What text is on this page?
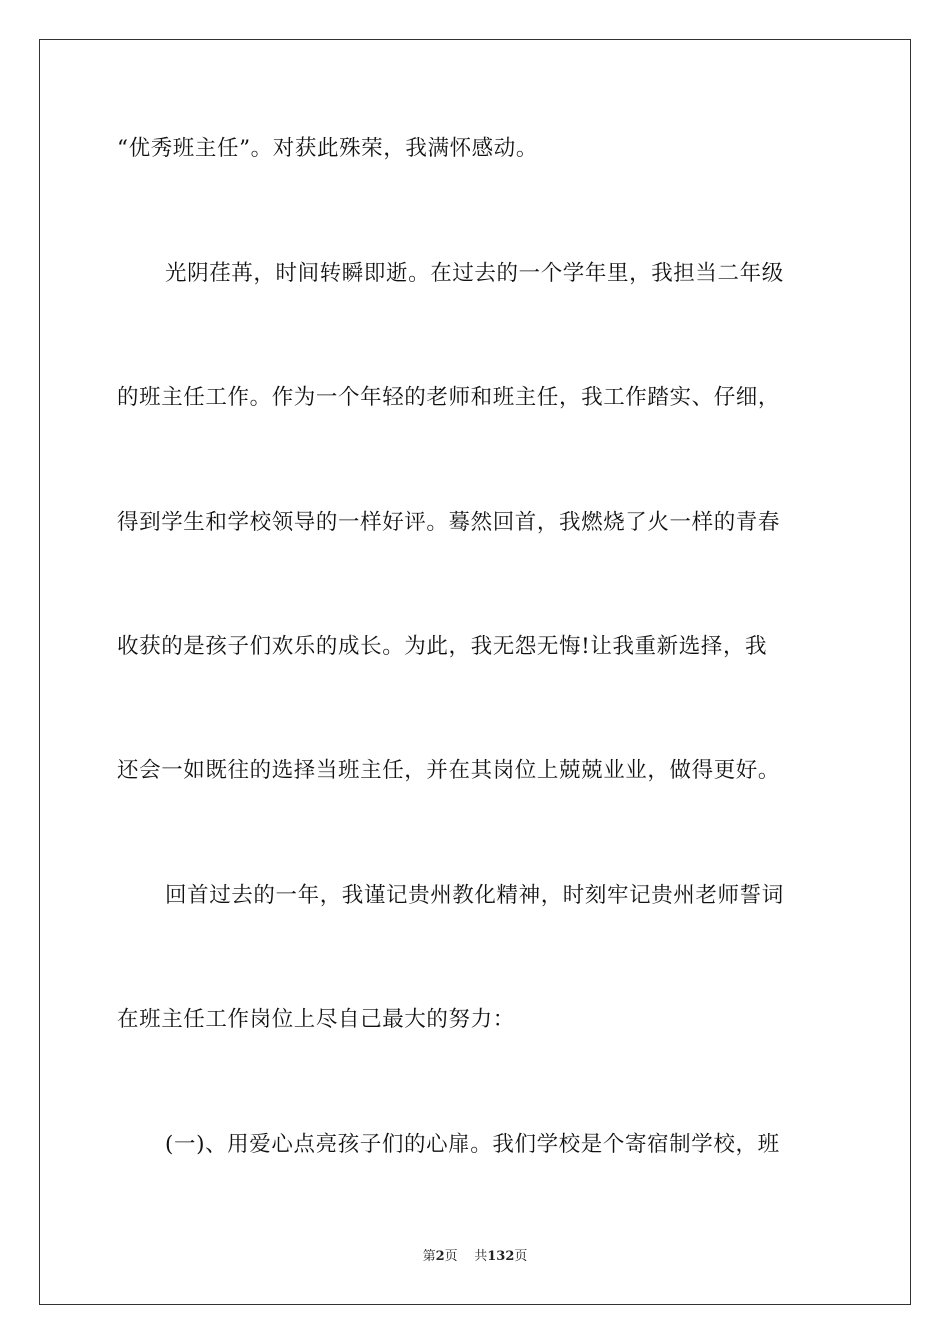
“优秀班主任”。对获此殊荣，我满怀感动。
光阴荏苒，时间转瞬即逝。在过去的一个学年里，我担当二年级
的班主任工作。作为一个年轻的老师和班主任，我工作踏实、仔细，
得到学生和学校领导的一样好评。蓦然回首，我燃烧了火一样的青春
收获的是孩子们欢乐的成长。为此，我无怨无悔!让我重新选择，我
还会一如既往的选择当班主任，并在其岗位上兢兢业业，做得更好。
回首过去的一年，我谨记贵州教化精神，时刻牢记贵州老师誓词
在班主任工作岗位上尽自己最大的努力：
(一)、用爱心点亮孩子们的心扉。我们学校是个寄宿制学校，班
第2页 共132页
